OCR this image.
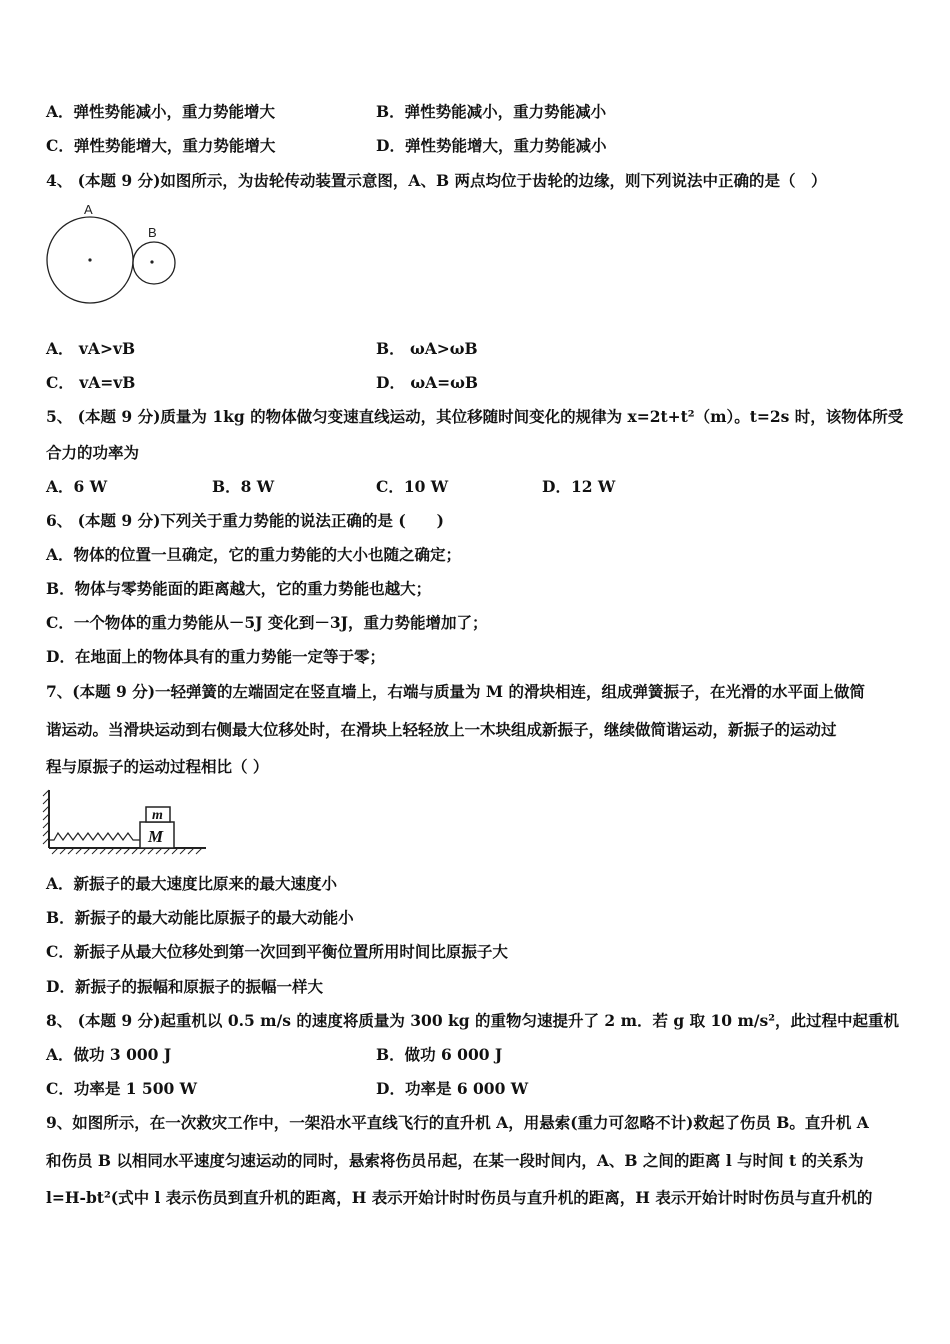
A．弹性势能减小，重力势能增大	B．弹性势能减小，重力势能减小
C．弹性势能增大，重力势能增大	D．弹性势能增大，重力势能减小
4、 (本题 9 分)如图所示，为齿轮传动装置示意图，A、B 两点均位于齿轮的边缘，则下列说法中正确的是（　）
A
B
A． vA>vB	B． ωA>ωB
C． vA=vB	D． ωA=ωB
5、 (本题 9 分)质量为 1kg 的物体做匀变速直线运动，其位移随时间变化的规律为 x=2t+t²（m）。t=2s 时，该物体所受
合力的功率为
A．6 W	B．8 W	C．10 W	D．12 W
6、 (本题 9 分)下列关于重力势能的说法正确的是 (　　)
A．物体的位置一旦确定，它的重力势能的大小也随之确定；
B．物体与零势能面的距离越大，它的重力势能也越大；
C．一个物体的重力势能从－5J 变化到－3J，重力势能增加了；
D．在地面上的物体具有的重力势能一定等于零；
7、(本题 9 分)一轻弹簧的左端固定在竖直墙上，右端与质量为 M 的滑块相连，组成弹簧振子，在光滑的水平面上做简
谐运动。当滑块运动到右侧最大位移处时，在滑块上轻轻放上一木块组成新振子，继续做简谐运动，新振子的运动过
程与原振子的运动过程相比（ ）
M
m
A．新振子的最大速度比原来的最大速度小
B．新振子的最大动能比原振子的最大动能小
C．新振子从最大位移处到第一次回到平衡位置所用时间比原振子大
D．新振子的振幅和原振子的振幅一样大
8、 (本题 9 分)起重机以 0.5 m/s 的速度将质量为 300 kg 的重物匀速提升了 2 m．若 g 取 10 m/s²，此过程中起重机
A．做功 3 000 J	B．做功 6 000 J
C．功率是 1 500 W	D．功率是 6 000 W
9、如图所示，在一次救灾工作中，一架沿水平直线飞行的直升机 A，用悬索(重力可忽略不计)救起了伤员 B。直升机 A
和伤员 B 以相同水平速度匀速运动的同时，悬索将伤员吊起，在某一段时间内，A、B 之间的距离 l 与时间 t 的关系为
l=H-bt²(式中 l 表示伤员到直升机的距离，H 表示开始计时时伤员与直升机的距离，H 表示开始计时时伤员与直升机的
